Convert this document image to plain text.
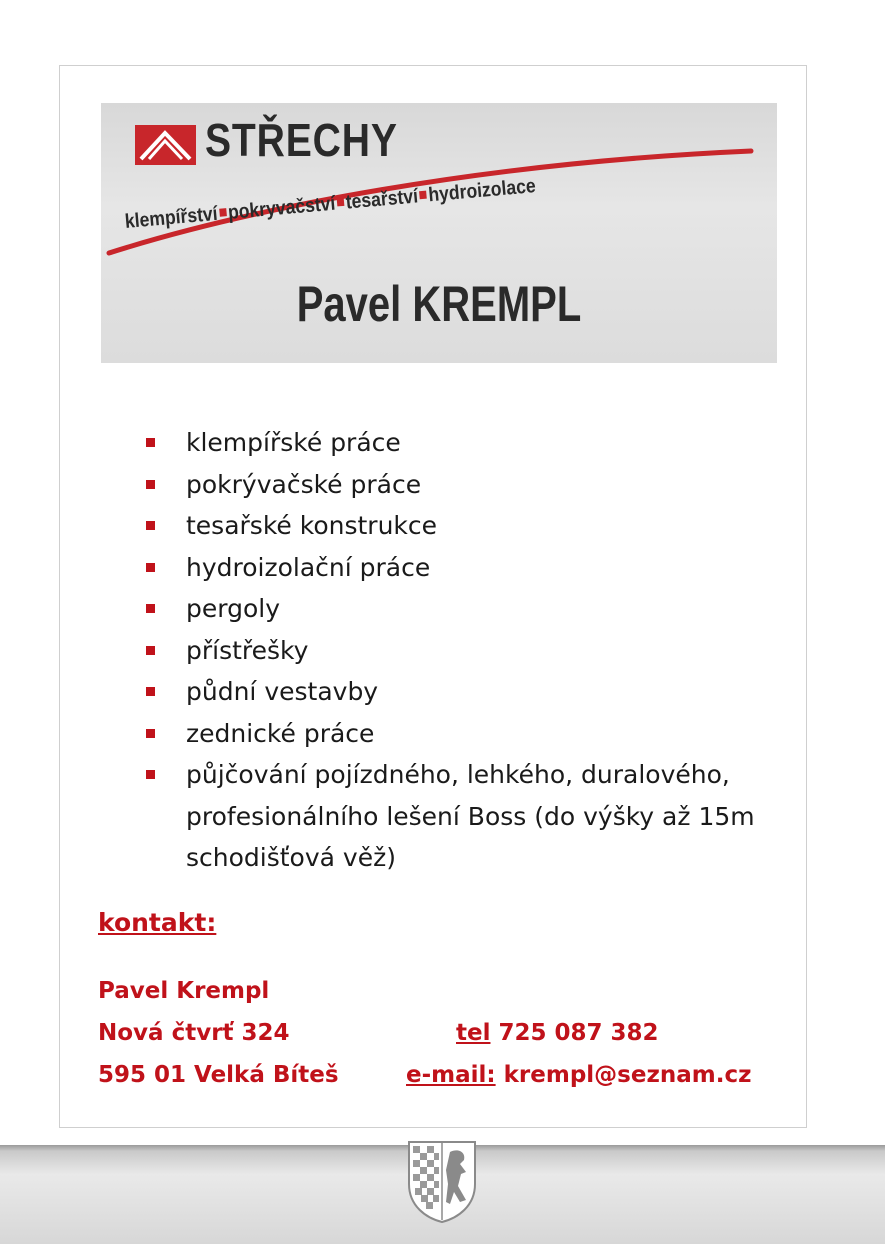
STŘECHY
klempířství pokryvačství tesařství hydroizolace
Pavel KREMPL
klempířské práce
pokrývačské práce
tesařské konstrukce
hydroizolační práce
pergoly
přístřešky
půdní vestavby
zednické práce
půjčování pojízdného, lehkého, duralového, profesionálního lešení Boss (do výšky až 15m schodišťová věž)
kontakt:
Pavel Krempl
Nová čtvrť 324	tel 725 087 382
595 01 Velká Bíteš	e-mail: krempl@seznam.cz
